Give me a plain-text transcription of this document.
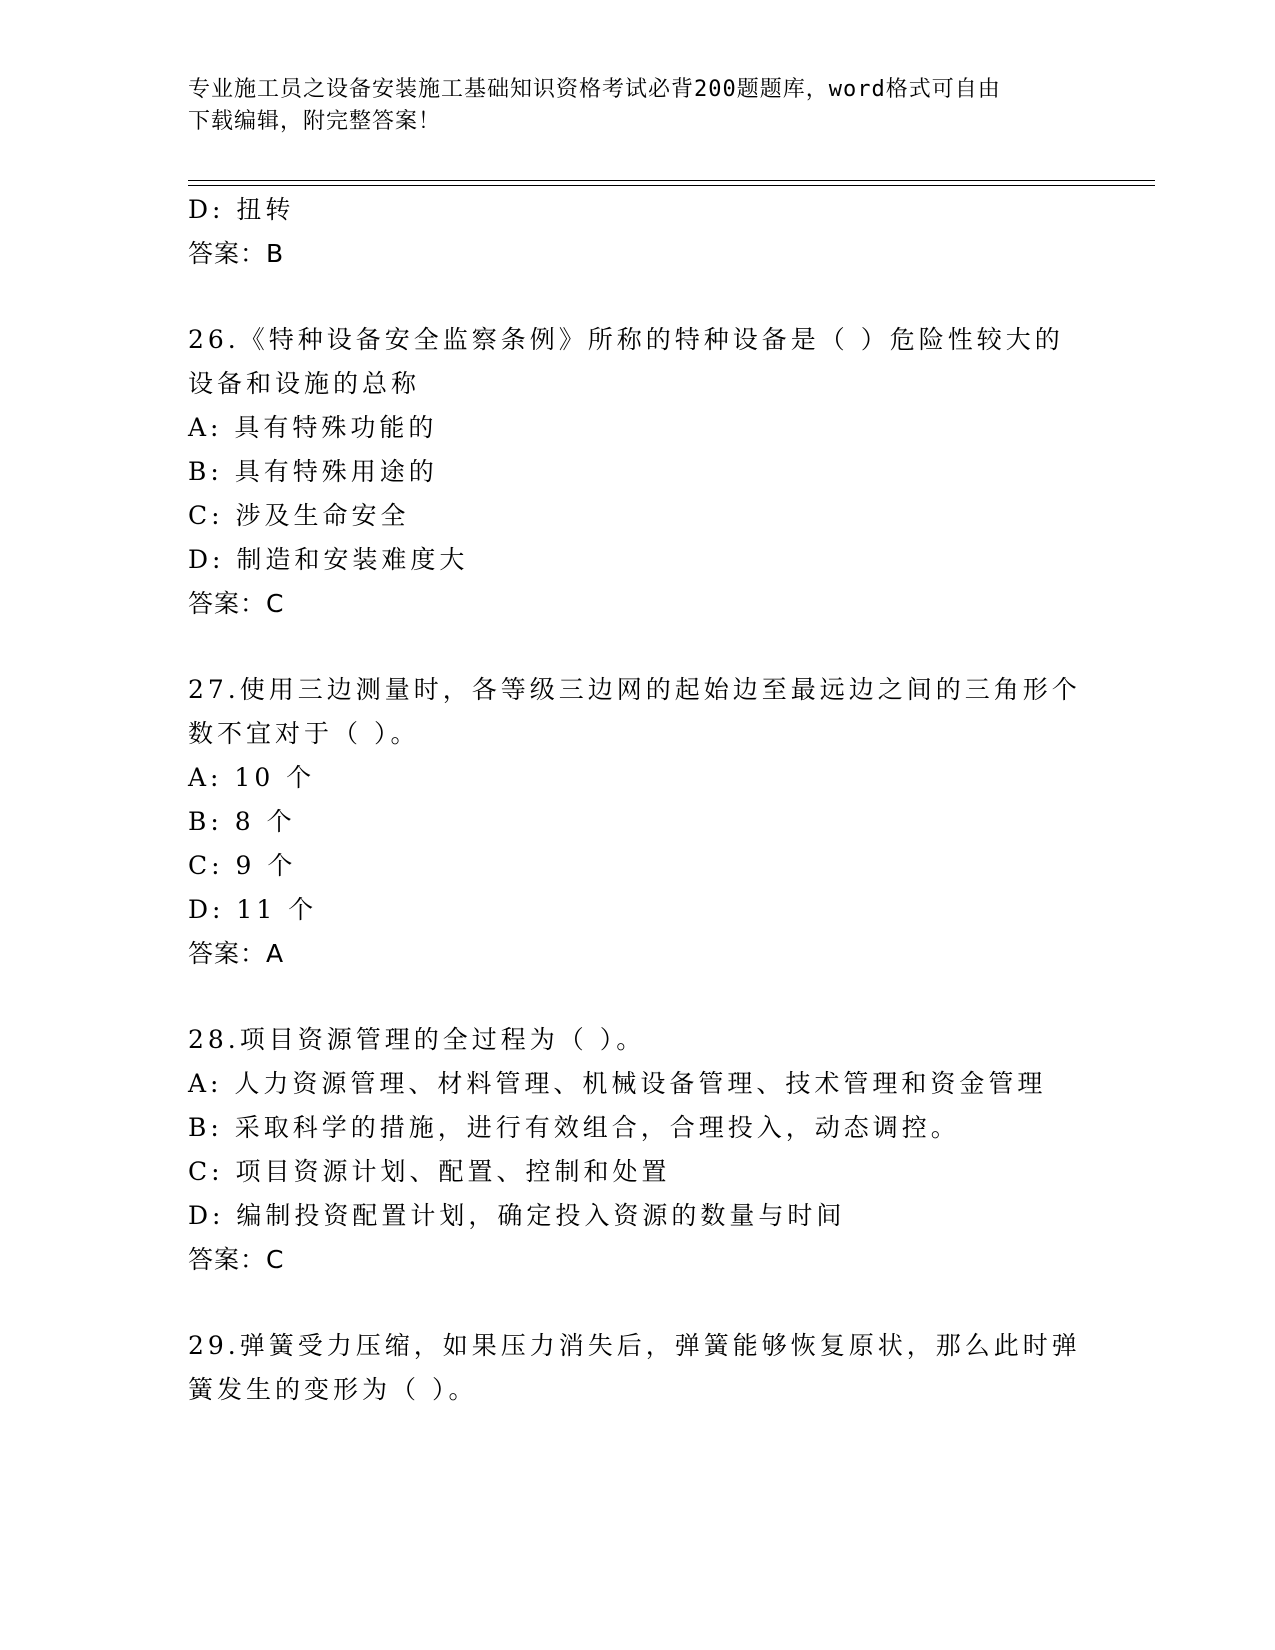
专业施工员之设备安装施工基础知识资格考试必背200题题库，word格式可自由
下载编辑，附完整答案！
D: 扭转
答案：B
26.《特种设备安全监察条例》所称的特种设备是（ ）危险性较大的
设备和设施的总称
A: 具有特殊功能的
B: 具有特殊用途的
C: 涉及生命安全
D: 制造和安装难度大
答案：C
27.使用三边测量时，各等级三边网的起始边至最远边之间的三角形个
数不宜对于（ ）。
A: 10 个
B: 8 个
C: 9 个
D: 11 个
答案：A
28.项目资源管理的全过程为（ ）。
A: 人力资源管理、材料管理、机械设备管理、技术管理和资金管理
B: 采取科学的措施，进行有效组合，合理投入，动态调控。
C: 项目资源计划、配置、控制和处置
D: 编制投资配置计划，确定投入资源的数量与时间
答案：C
29.弹簧受力压缩，如果压力消失后，弹簧能够恢复原状，那么此时弹
簧发生的变形为（ ）。
